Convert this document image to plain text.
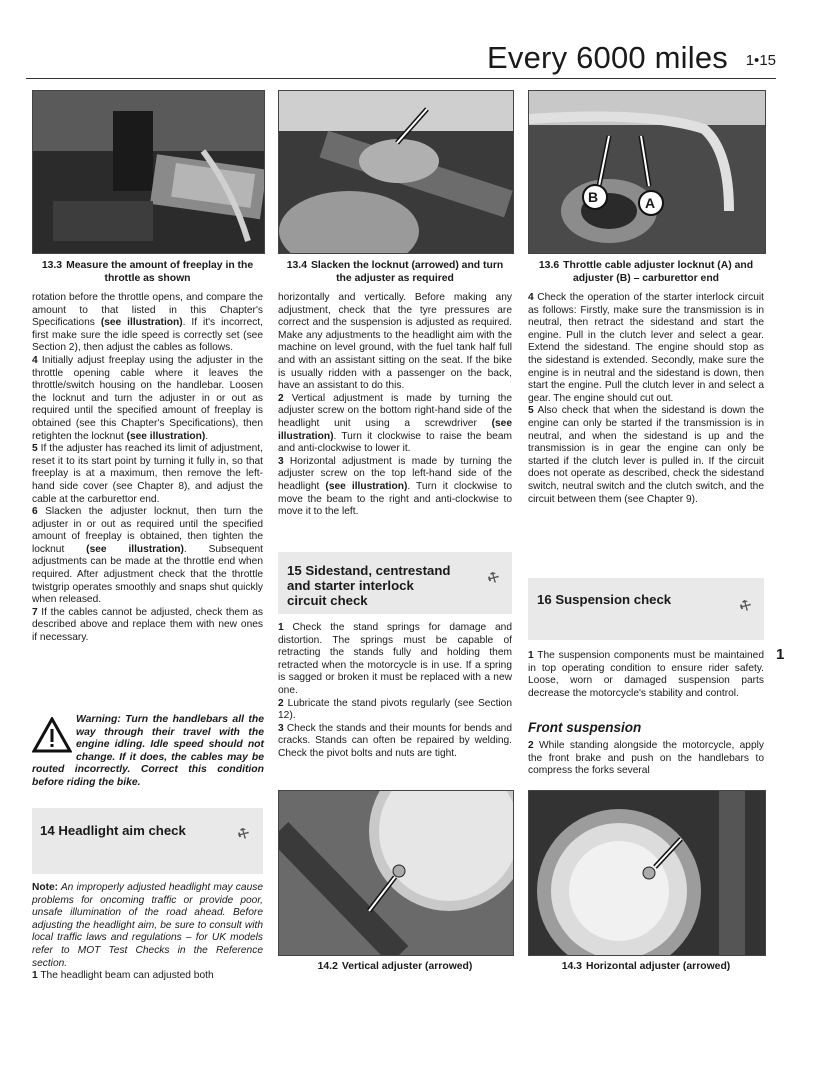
Every 6000 miles 1•15
13.3 Measure the amount of freeplay in the throttle as shown
13.4 Slacken the locknut (arrowed) and turn the adjuster as required
B	A
13.6 Throttle cable adjuster locknut (A) and adjuster (B) – carburettor end

rotation before the throttle opens, and compare the amount to that listed in this Chapter's Specifications (see illustration). If it's incorrect, first make sure the idle speed is correctly set (see Section 2), then adjust the cables as follows.

4 Initially adjust freeplay using the adjuster in the throttle opening cable where it leaves the throttle/switch housing on the handlebar. Loosen the locknut and turn the adjuster in or out as required until the specified amount of freeplay is obtained (see this Chapter's Specifications), then retighten the locknut (see illustration).

5 If the adjuster has reached its limit of adjustment, reset it to its start point by turning it fully in, so that freeplay is at a maximum, then remove the left-hand side cover (see Chapter 8), and adjust the cable at the carburettor end.

6 Slacken the adjuster locknut, then turn the adjuster in or out as required until the specified amount of freeplay is obtained, then tighten the locknut (see illustration). Subsequent adjustments can be made at the throttle end when required. After adjustment check that the throttle twistgrip operates smoothly and snaps shut quickly when released.

7 If the cables cannot be adjusted, check them as described above and replace them with new ones if necessary.

Warning: Turn the handlebars all the way through their travel with the engine idling. Idle speed should not change. If it does, the cables may be routed incorrectly. Correct this condition before riding the bike.
14 Headlight aim check	⚒

Note: An improperly adjusted headlight may cause problems for oncoming traffic or provide poor, unsafe illumination of the road ahead. Before adjusting the headlight aim, be sure to consult with local traffic laws and regulations – for UK models refer to MOT Test Checks in the Reference section.

1 The headlight beam can adjusted both

horizontally and vertically. Before making any adjustment, check that the tyre pressures are correct and the suspension is adjusted as required. Make any adjustments to the headlight aim with the machine on level ground, with the fuel tank half full and with an assistant sitting on the seat. If the bike is usually ridden with a passenger on the back, have an assistant to do this.

2 Vertical adjustment is made by turning the adjuster screw on the bottom right-hand side of the headlight unit using a screwdriver (see illustration). Turn it clockwise to raise the beam and anti-clockwise to lower it.

3 Horizontal adjustment is made by turning the adjuster screw on the top left-hand side of the headlight (see illustration). Turn it clockwise to move the beam to the right and anti-clockwise to move it to the left.

15 Sidestand, centrestand and starter interlock circuit check
⚒

1 Check the stand springs for damage and distortion. The springs must be capable of retracting the stands fully and holding them retracted when the motorcycle is in use. If a spring is sagged or broken it must be replaced with a new one.

2 Lubricate the stand pivots regularly (see Section 12).

3 Check the stands and their mounts for bends and cracks. Stands can often be repaired by welding. Check the pivot bolts and nuts are tight.

14.2 Vertical adjuster (arrowed)

4 Check the operation of the starter interlock circuit as follows: Firstly, make sure the transmission is in neutral, then retract the sidestand and start the engine. Pull in the clutch lever and select a gear. Extend the sidestand. The engine should stop as the sidestand is extended. Secondly, make sure the engine is in neutral and the sidestand is down, then start the engine. Pull the clutch lever in and select a gear. The engine should cut out.

5 Also check that when the sidestand is down the engine can only be started if the transmission is in neutral, and when the sidestand is up and the transmission is in gear the engine can only be started if the clutch lever is pulled in. If the circuit does not operate as described, check the sidestand switch, neutral switch and the clutch switch, and the circuit between them (see Chapter 9).

16 Suspension check	⚒

1 The suspension components must be maintained in top operating condition to ensure rider safety. Loose, worn or damaged suspension parts decrease the motorcycle's stability and control.

Front suspension

2 While standing alongside the motorcycle, apply the front brake and push on the handlebars to compress the forks several

14.3 Horizontal adjuster (arrowed)
1
